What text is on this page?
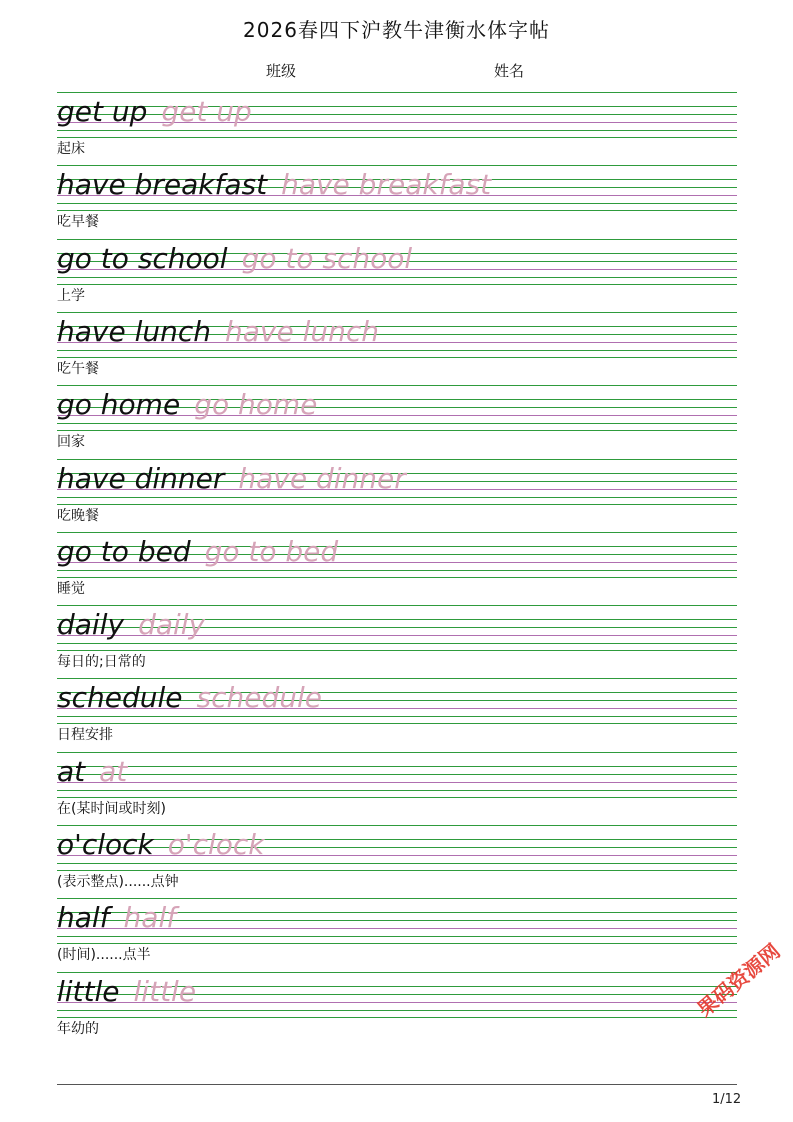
2026春四下沪教牛津衡水体字帖
班级	姓名
get up get up
起床
have breakfast have breakfast
吃早餐
go to school go to school
上学
have lunch have lunch
吃午餐
go home go home
回家
have dinner have dinner
吃晚餐
go to bed go to bed
睡觉
daily daily
每日的;日常的
schedule schedule
日程安排
at at
在(某时间或时刻)
o'clock o'clock
(表示整点)......点钟
half half
(时间)......点半
little little
年幼的
果码资源网
1/12
